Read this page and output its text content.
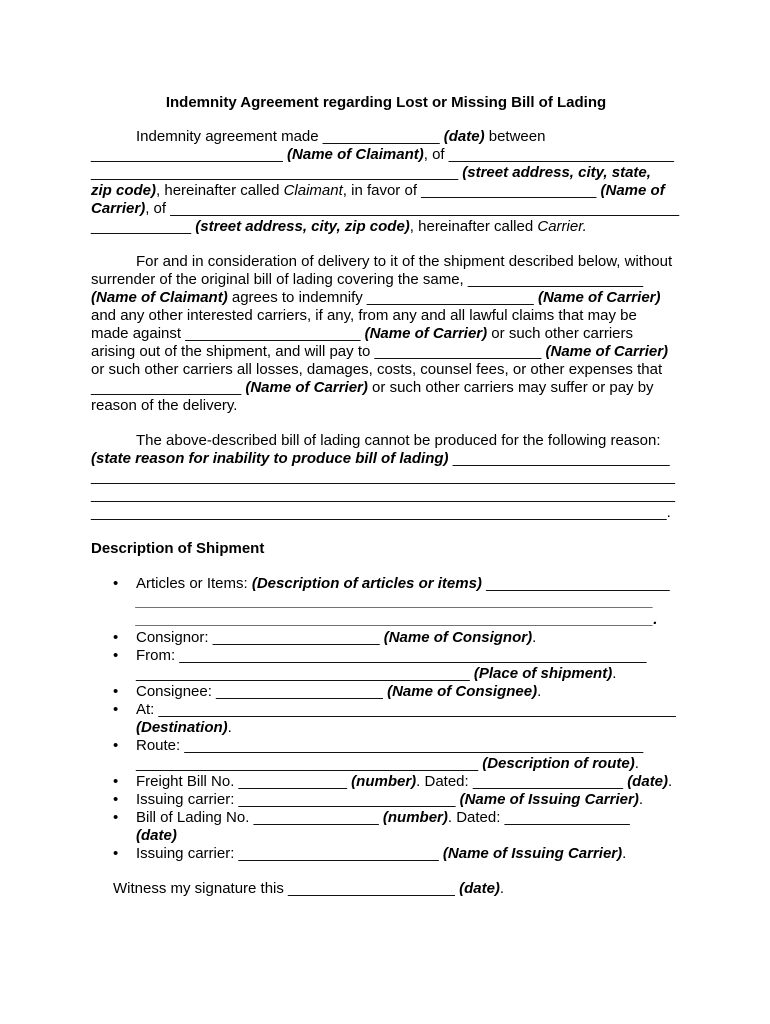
Indemnity Agreement regarding Lost or Missing Bill of Lading
Indemnity agreement made ______________ (date) between
_______________________ (Name of Claimant), of ___________________________
____________________________________________ (street address, city, state,
zip code), hereinafter called Claimant, in favor of _____________________ (Name of
Carrier), of _____________________________________________________________
____________ (street address, city, zip code), hereinafter called Carrier.
For and in consideration of delivery to it of the shipment described below, without
surrender of the original bill of lading covering the same, _____________________
(Name of Claimant) agrees to indemnify ____________________ (Name of Carrier)
and any other interested carriers, if any, from any and all lawful claims that may be
made against _____________________ (Name of Carrier) or such other carriers
arising out of the shipment, and will pay to ____________________ (Name of Carrier)
or such other carriers all losses, damages, costs, counsel fees, or other expenses that
__________________ (Name of Carrier) or such other carriers may suffer or pay by
reason of the delivery.
The above-described bill of lading cannot be produced for the following reason:
(state reason for inability to produce bill of lading) __________________________
______________________________________________________________________
______________________________________________________________________
_____________________________________________________________________.
Description of Shipment
• Articles or Items: (Description of articles or items) ______________________
______________________________________________________________
______________________________________________________________.
• Consignor: ____________________ (Name of Consignor).
• From: ________________________________________________________
________________________________________ (Place of shipment).
• Consignee: ____________________ (Name of Consignee).
• At: ______________________________________________________________
(Destination).
• Route: _______________________________________________________
_________________________________________ (Description of route).
• Freight Bill No. _____________ (number). Dated: __________________ (date).
• Issuing carrier: __________________________ (Name of Issuing Carrier).
• Bill of Lading No. _______________ (number). Dated: _______________
(date)
• Issuing carrier: ________________________ (Name of Issuing Carrier).
Witness my signature this ____________________ (date).
